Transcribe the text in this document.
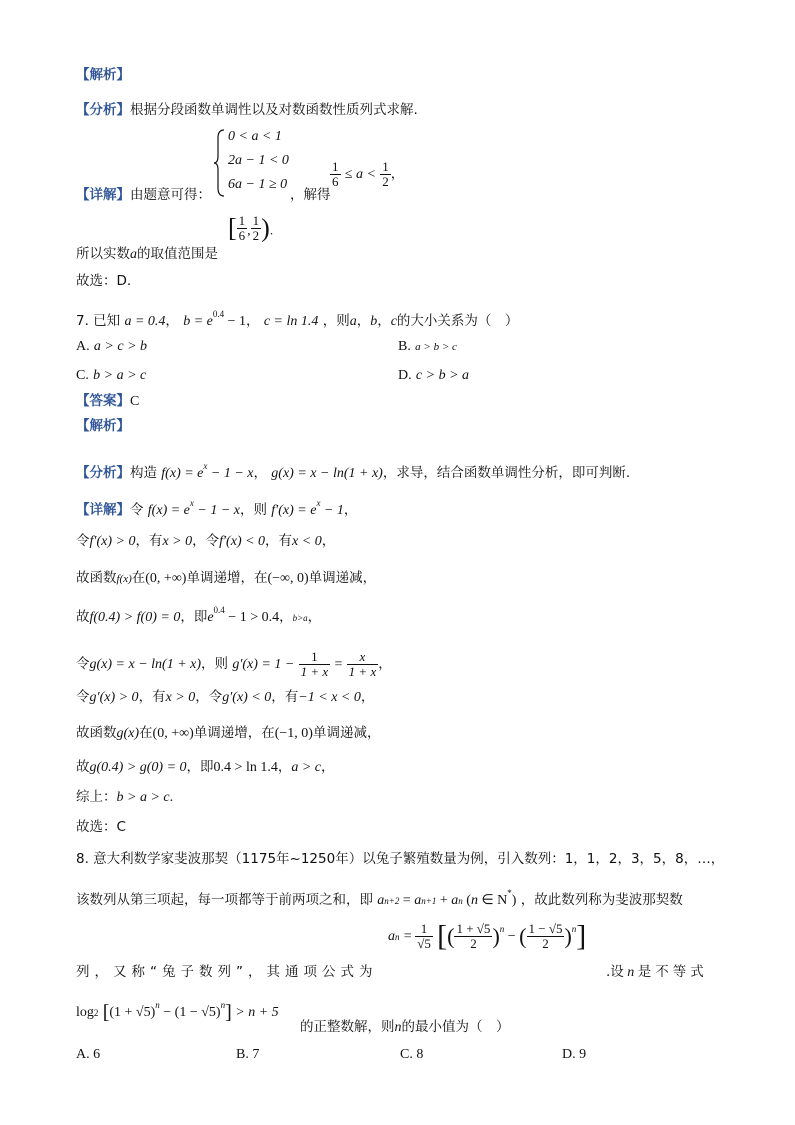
【解析】
【分析】根据分段函数单调性以及对数函数性质列式求解.
0 < a < 1
2a − 1 < 0
6a − 1 ≥ 0
【详解】由题意可得：	，解得
$\frac{1}{6} \le a < \frac{1}{2}$ ，
所以实数a的取值范围是
[ $\frac{1}{6}$ , $\frac{1}{2}$ ).
故选：D.
7. 已知 a = 0.4， $b = e^{0.4} - 1$， c = ln 1.4 ，则a，b，c的大小关系为（　）
A. a > c > b	B. a > b > c
C. b > a > c	D. c > b > a
【答案】C
【解析】
【分析】构造 $f(x) = e^x - 1 - x$， g(x) = x − ln(1 + x)，求导，结合函数单调性分析，即可判断.
【详解】令 $f(x) = e^x - 1 - x$，则 $f'(x) = e^x - 1$，
令f′(x) > 0，有x > 0，令f′(x) < 0，有x < 0，
故函数f(x)在(0, +∞)单调递增，在(−∞, 0)单调递减，
故f(0.4) > f(0) = 0，即$e^{0.4} - 1 > 0.4$，b>a，
令g(x) = x − ln(1 + x)，则 $g'(x) = 1 - \frac{1}{1 + x} = \frac{x}{1 + x}$ ，
令g′(x) > 0，有x > 0，令g′(x) < 0，有−1 < x < 0，
故函数g(x)在(0, +∞)单调递增，在(−1, 0)单调递减，
故g(0.4) > g(0) = 0，即0.4 > ln 1.4，a > c，
综上：b > a > c.
故选：C
8. 意大利数学家斐波那契（1175年~1250年）以兔子繁殖数量为例，引入数列：1，1，2，3，5，8，…，
该数列从第三项起，每一项都等于前两项之和，即 an+2 = an+1 + an (n ∈ N*) ，故此数列称为斐波那契数
an = $\frac{1}{√5}$ [( $\frac{1 + √5}{2} )^n$ − ( $\frac{1 - √5}{2} )^n$]
列，又称“兔子数列”，其通项公式为	.设 n 是不等式
log2 $[(1 + √5)^n - (1 - √5)^n] > n + 5$
的正整数解，则n的最小值为（　）
A. 6	B. 7	C. 8	D. 9
